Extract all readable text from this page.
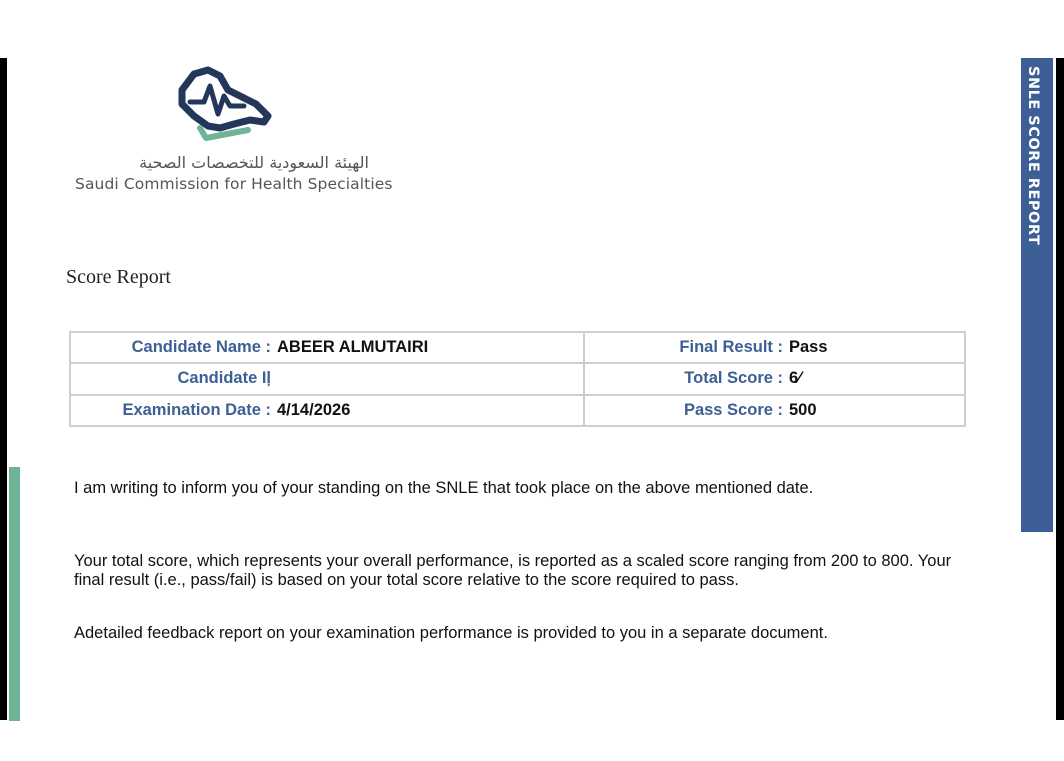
SNLE SCORE REPORT
الهيئة السعودية للتخصصات الصحية
Saudi Commission for Health Specialties
Score Report
Candidate Name : ABEER ALMUTAIRI	Final Result : Pass

Candidate Iļ	Total Score : 6⁄

Examination Date : 4/14/2026	Pass Score : 500

I am writing to inform you of your standing on the SNLE that took place on the above mentioned date.

Your total score, which represents your overall performance, is reported as a scaled score ranging from 200 to 800. Your final result (i.e., pass/fail) is based on your total score relative to the score required to pass.

Adetailed feedback report on your examination performance is provided to you in a separate document.
